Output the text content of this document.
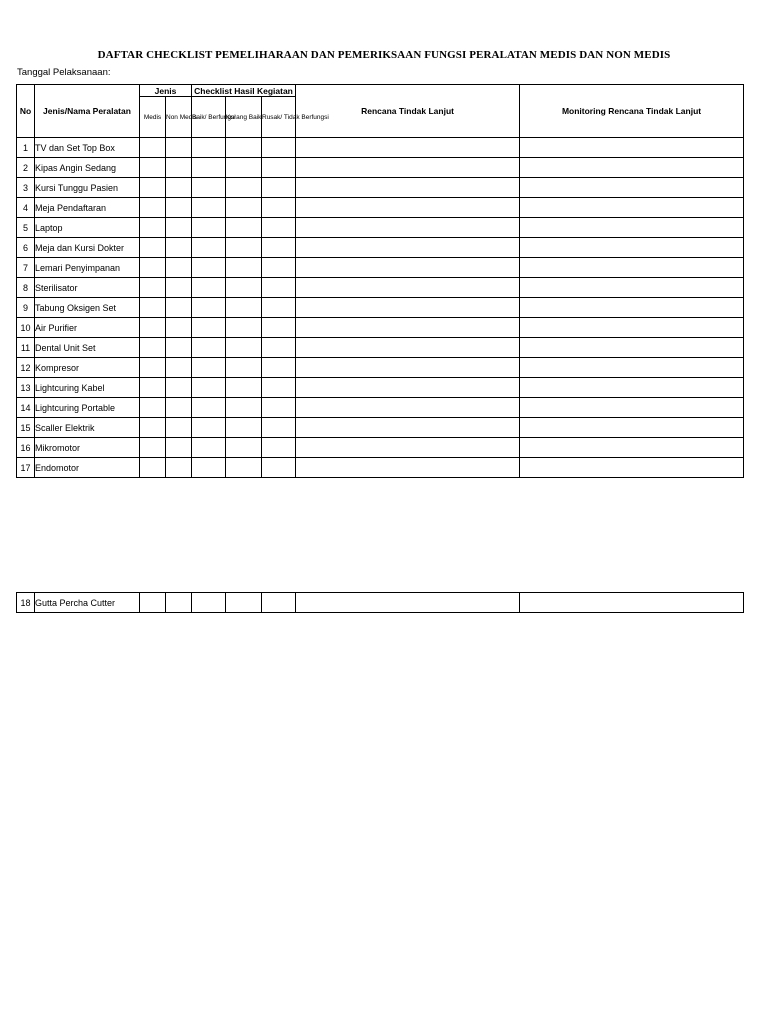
DAFTAR CHECKLIST PEMELIHARAAN DAN PEMERIKSAAN FUNGSI PERALATAN MEDIS DAN NON MEDIS
Tanggal Pelaksanaan:
No	Jenis/Nama Peralatan	Jenis		Checklist Hasil Kegiatan			Rencana Tindak Lanjut	Monitoring Rencana Tindak Lanjut
		Medis	Non Medis	Baik/ Berfungsi	Kurang Baik	Rusak/ Tidak Berfungsi		
1	TV dan Set Top Box							
2	Kipas Angin Sedang							
3	Kursi Tunggu Pasien							
4	Meja Pendaftaran							
5	Laptop							
6	Meja dan Kursi Dokter							
7	Lemari Penyimpanan							
8	Sterilisator							
9	Tabung Oksigen Set							
10	Air Purifier							
11	Dental Unit Set							
12	Kompresor							
13	Lightcuring Kabel							
14	Lightcuring Portable							
15	Scaller Elektrik							
16	Mikromotor							
17	Endomotor							
18	Gutta Percha Cutter							
